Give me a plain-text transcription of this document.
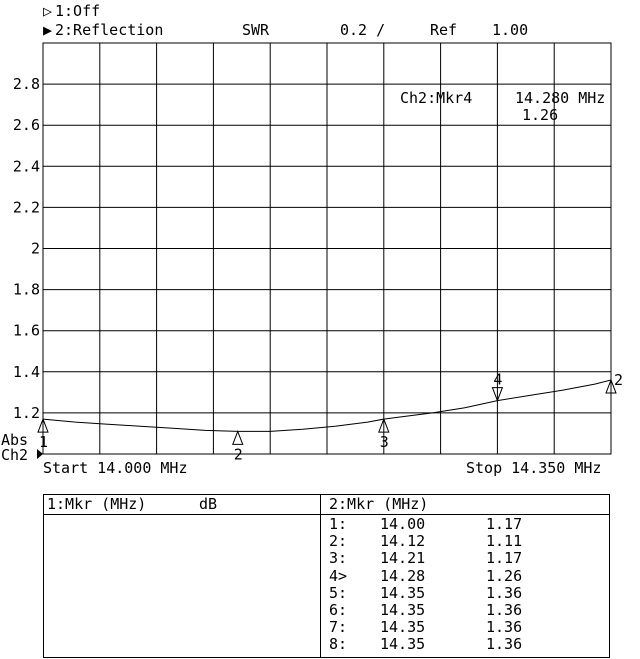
▷ 1:Off
▶ 2:Reflection	SWR	0.2 /	Ref 1.00
1.2
1.4
1.6
1.8
2
2.2
2.4
2.6
2.8
1
2
3
4	2
Abs
Ch2
Ch2:Mkr4	14.280 MHz
1.26
Start 14.000 MHz	Stop 14.350 MHz
1:Mkr (MHz)	dB	2:Mkr (MHz)
1: 14.00	1.17
2: 14.12	1.11
3: 14.21	1.17
4> 14.28	1.26
5: 14.35	1.36
6: 14.35	1.36
7: 14.35	1.36
8: 14.35	1.36
